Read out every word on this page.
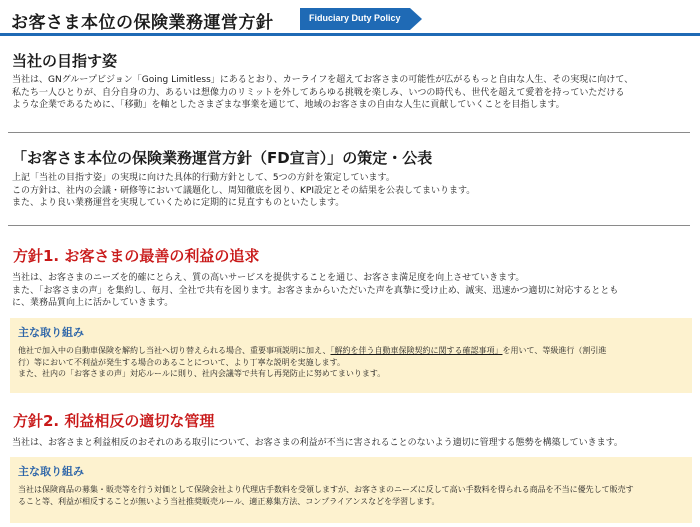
お客さま本位の保険業務運営方針	Fiduciary Duty Policy
当社の目指す姿
当社は、GNグループビジョン「Going Limitless」にあるとおり、カーライフを超えてお客さまの可能性が広がるもっと自由な人生、その実現に向けて、
私たち一人ひとりが、自分自身の力、あるいは想像力のリミットを外してあらゆる挑戦を楽しみ、いつの時代も、世代を超えて愛着を持っていただける
ような企業であるために、「移動」を軸としたさまざまな事業を通じて、地域のお客さまの自由な人生に貢献していくことを目指します。
「お客さま本位の保険業務運営方針（FD宣言）」の策定・公表
上記「当社の目指す姿」の実現に向けた具体的行動方針として、5つの方針を策定しています。
この方針は、社内の会議・研修等において議題化し、周知徹底を図り、KPI設定とその結果を公表してまいります。
また、より良い業務運営を実現していくために定期的に見直すものといたします。
方針1. お客さまの最善の利益の追求
当社は、お客さまのニーズを的確にとらえ、質の高いサービスを提供することを通じ、お客さま満足度を向上させていきます。
また、「お客さまの声」を集約し、毎月、全社で共有を図ります。お客さまからいただいた声を真摯に受け止め、誠実、迅速かつ適切に対応するととも
に、業務品質向上に活かしていきます。
主な取り組み
他社で加入中の自動車保険を解約し当社へ切り替えられる場合、重要事項説明に加え、「解約を伴う自動車保険契約に関する確認事項」を用いて、等級進行（割引進
行）等において不利益が発生する場合のあることについて、より丁寧な説明を実施します。
また、社内の「お客さまの声」対応ルールに則り、社内会議等で共有し再発防止に努めてまいります。
方針2. 利益相反の適切な管理
当社は、お客さまと利益相反のおそれのある取引について、お客さまの利益が不当に害されることのないよう適切に管理する態勢を構築していきます。
主な取り組み
当社は保険商品の募集・販売等を行う対価として保険会社より代理店手数料を受領しますが、お客さまのニーズに反して高い手数料を得られる商品を不当に優先して販売す
ること等、利益が相反することが無いよう当社推奨販売ルール、適正募集方法、コンプライアンスなどを学習します。
